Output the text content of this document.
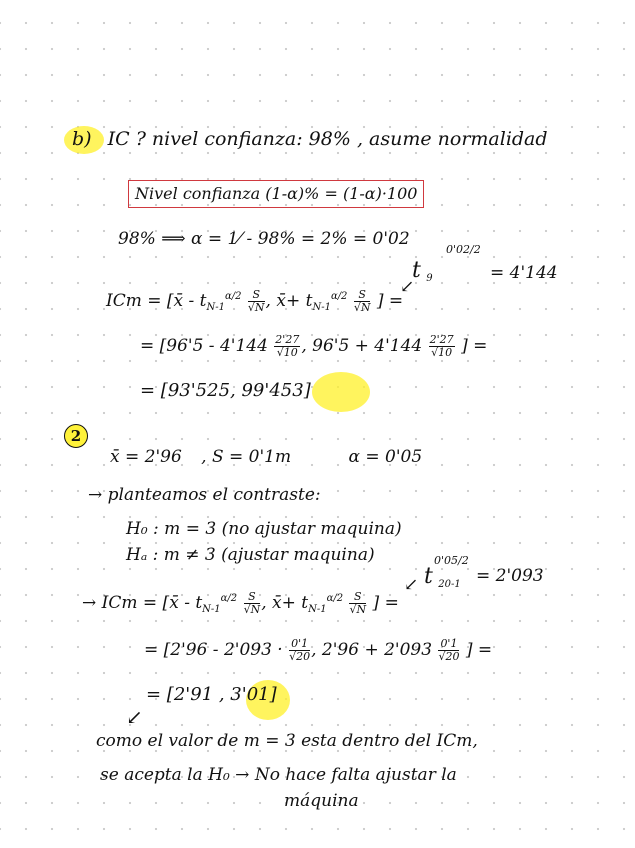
b) IC ? nivel confianza: 98% , asume normalidad
Nivel confianza (1-α)% = (1-α)·100
98% ⟹ α = 1⁄ - 98% = 2% = 0'02
t $_9$
0'02/2
= 4'144
↙
ICm = [x̄ - $t_{N-1}^{\alpha/2} \frac{S}{√N}$ , x̄+ $t_{N-1}^{\alpha/2} \frac{S}{√N}$ ] =
= [$96'5 - 4'144 \frac{2'27}{√10}$ , $96'5 + 4'144 \frac{2'27}{√10}$ ] =
= [93'525, 99'453]
2
x̄ = 2'96 , S = 0'1m	α = 0'05
→ planteamos el contraste:
H₀ : m = 3 (no ajustar maquina)
Hₐ : m ≠ 3 (ajustar maquina)
t $_{20-1}$
0'05/2
= 2'093
↙
→ ICm = [x̄ - $t_{N-1}^{\alpha/2} \frac{S}{√N}$ , x̄+ $t_{N-1}^{\alpha/2} \frac{S}{√N}$ ] =
= [$2'96 - 2'093 \cdot \frac{0'1}{√20}$ , $2'96 + 2'093 \frac{0'1}{√20}$ ] =
= [2'91 , 3'01]
↙
como el valor de m = 3 esta dentro del ICm,
se acepta la H₀ → No hace falta ajustar la
máquina
